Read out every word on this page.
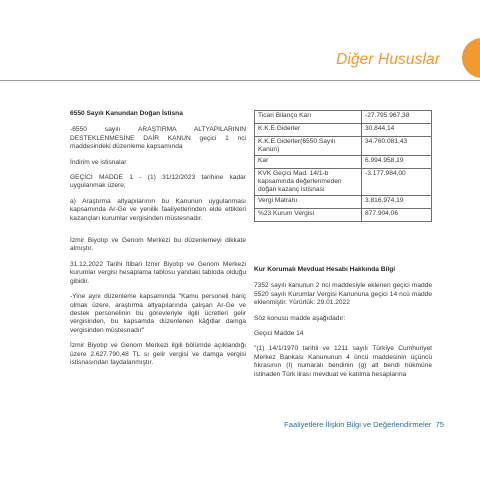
Diğer Hususlar

6550 Sayılı Kanundan Doğan İstisna

-6550 sayılı ARAŞTIRMA ALTYAPILARININ DESTEKLENMESİNE DAİR KANUN geçici 1 nci maddesindeki düzenleme kapsamında

İndirim ve istisnalar

GEÇİCİ MADDE 1 - (1) 31/12/2023 tarihine kadar uygulanmak üzere;

a) Araştırma altyapılarının bu Kanunun uygulanması kapsamında Ar-Ge ve yenilik faaliyetlerinden elde ettikleri kazançları kurumlar vergisinden müstesnadır.

İzmir Biyotıp ve Genom Merkezi bu düzenlemeyi dikkate almıştır.

31.12.2022 Tarihi İtibari İzmir Biyotıp ve Genom Merkezi kurumlar vergisi hesaplama tablosu yandaki tabloda olduğu gibidir.

-Yine aynı düzenleme kapsamında "Kamu personeli hariç olmak üzere, araştırma altyapılarında çalışan Ar-Ge ve destek personelinin bu görevleriyle ilgili ücretleri gelir vergisinden, bu kapsamda düzenlenen kâğıtlar damga vergisinden müstesnadır"

İzmir Biyotıp ve Genom Merkezi ilgili bölümde açıklandığı üzere 2.627.790,48 TL sı gelir vergisi ve damga vergisi istisnasından faydalanmıştır.

Ticari Bilanço Karı	-27.795.967,38
K.K.E.Giderler	30.844,14
K.K.E.Giderler(6550 Sayılı Kanun)	34.760.081,43
Kar	6.994.958,19
KVK Geçici Mad. 14/1-b kapsamında değerlenmeden doğan kazanç istisnası	-3.177.984,00
Vergi Matrahı	3.816.974,19
%23 Kurum Vergisi	877.904,06

Kur Korumalı Mevduat Hesabı Hakkında Bilgi

7352 sayılı kanunun 2 nci maddesiyle eklenen geçici madde 5520 sayılı Kurumlar Vergisi Kanununa geçici 14 ncü madde eklenmiştir. Yürürlük: 29.01.2022

Söz konusu madde aşağıdadır:

Geçici Madde 14

"(1) 14/1/1970 tarihli ve 1211 sayılı Türkiye Cumhuriyet Merkez Bankası Kanununun 4 üncü maddesinin üçüncü fıkrasının (I) numaralı bendinin (g) alt bendi hükmüne istinaden Türk lirası mevduat ve katılma hesaplarına

Faaliyetlere İlişkin Bilgi ve Değerlendirmeler 75
